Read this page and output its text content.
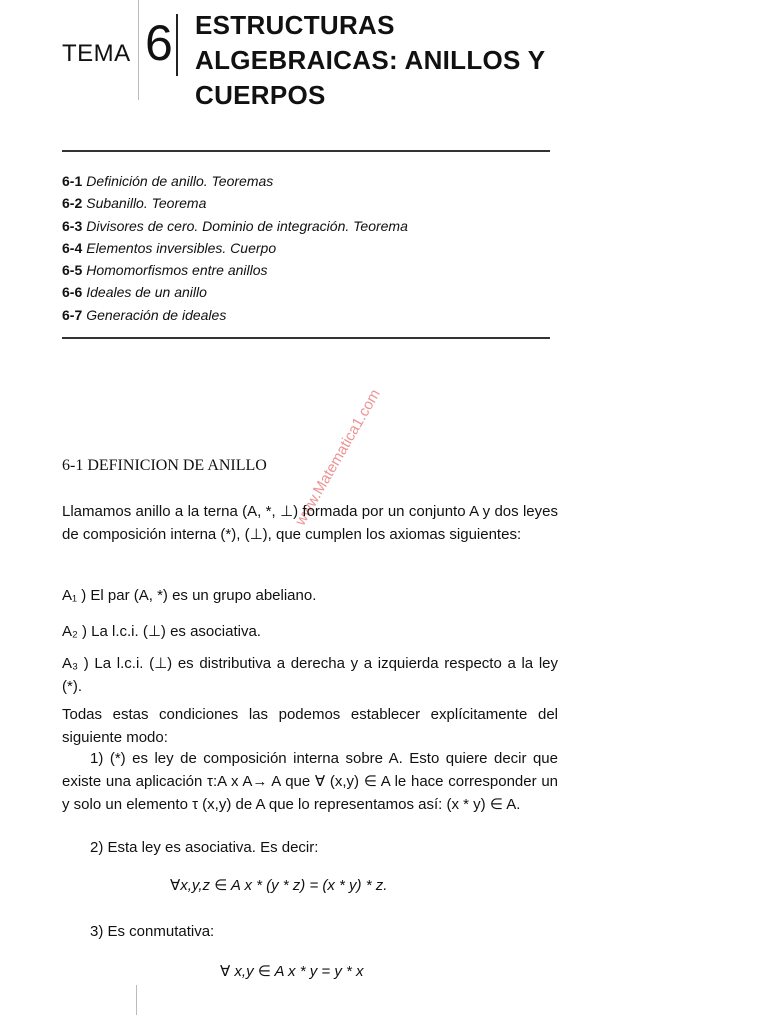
TEMA 6 ESTRUCTURAS
ALGEBRAICAS: ANILLOS Y
CUERPOS
6-1 Definición de anillo. Teoremas
6-2 Subanillo. Teorema
6-3 Divisores de cero. Dominio de integración. Teorema
6-4 Elementos inversibles. Cuerpo
6-5 Homomorfismos entre anillos
6-6 Ideales de un anillo
6-7 Generación de ideales
6-1 DEFINICION DE ANILLO www.Matematica1.com
Llamamos anillo a la terna (A, *, ⊥) formada por un conjunto A y dos leyes de composición interna (*), (⊥), que cumplen los axiomas siguientes:
A₁ ) El par (A, *) es un grupo abeliano.
A₂ ) La l.c.i. (⊥) es asociativa.
A₃ ) La l.c.i. (⊥) es distributiva a derecha y a izquierda respecto a la ley (*).
Todas estas condiciones las podemos establecer explícitamente del siguiente modo:
1) (*) es ley de composición interna sobre A. Esto quiere decir que existe una aplicación τ:A x A→ A que ∀ (x,y) ∈ A le hace corresponder un y solo un elemento τ (x,y) de A que lo representamos así: (x * y) ∈ A.
2) Esta ley es asociativa. Es decir:
∀x,y,z ∈ A x * (y * z) = (x * y) * z.
3) Es conmutativa:
∀ x,y ∈ A x * y = y * x
